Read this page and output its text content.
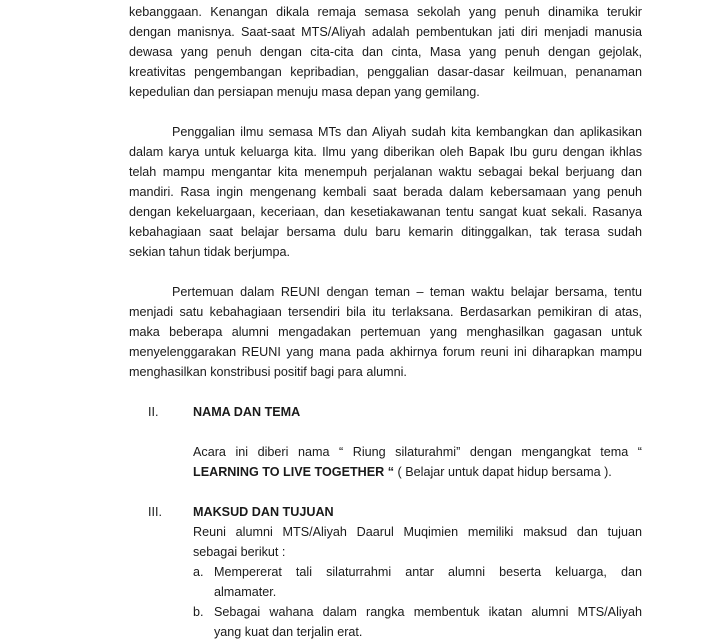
kebanggaan. Kenangan dikala remaja semasa sekolah yang penuh dinamika terukir
dengan manisnya. Saat-saat MTS/Aliyah adalah pembentukan jati diri menjadi manusia
dewasa yang penuh dengan cita-cita dan cinta, Masa yang penuh dengan gejolak,
kreativitas pengembangan kepribadian, penggalian dasar-dasar keilmuan, penanaman
kepedulian dan persiapan menuju masa depan yang gemilang.
Penggalian ilmu semasa MTs dan Aliyah sudah kita kembangkan dan aplikasikan
dalam karya untuk keluarga kita. Ilmu yang diberikan oleh Bapak Ibu guru dengan ikhlas
telah mampu mengantar kita menempuh perjalanan waktu sebagai bekal berjuang dan
mandiri. Rasa ingin mengenang kembali saat berada dalam kebersamaan yang penuh
dengan kekeluargaan, keceriaan, dan kesetiakawanan tentu sangat kuat sekali. Rasanya
kebahagiaan saat belajar bersama dulu baru kemarin ditinggalkan, tak terasa sudah
sekian tahun tidak berjumpa.
Pertemuan dalam REUNI dengan teman – teman waktu belajar bersama, tentu
menjadi satu kebahagiaan tersendiri bila itu terlaksana. Berdasarkan pemikiran di atas,
maka beberapa alumni mengadakan pertemuan yang menghasilkan gagasan untuk
menyelenggarakan REUNI yang mana pada akhirnya forum reuni ini diharapkan mampu
menghasilkan konstribusi positif bagi para alumni.
II.	NAMA DAN TEMA
Acara ini diberi nama “ Riung silaturahmi” dengan mengangkat tema “
LEARNING TO LIVE TOGETHER “ ( Belajar untuk dapat hidup bersama ).
III. MAKSUD DAN TUJUAN
Reuni alumni MTS/Aliyah Daarul Muqimien memiliki maksud dan tujuan
sebagai berikut :
a. Mempererat tali silaturrahmi antar alumni beserta keluarga, dan
almamater.
b. Sebagai wahana dalam rangka membentuk ikatan alumni MTS/Aliyah
yang kuat dan terjalin erat.
